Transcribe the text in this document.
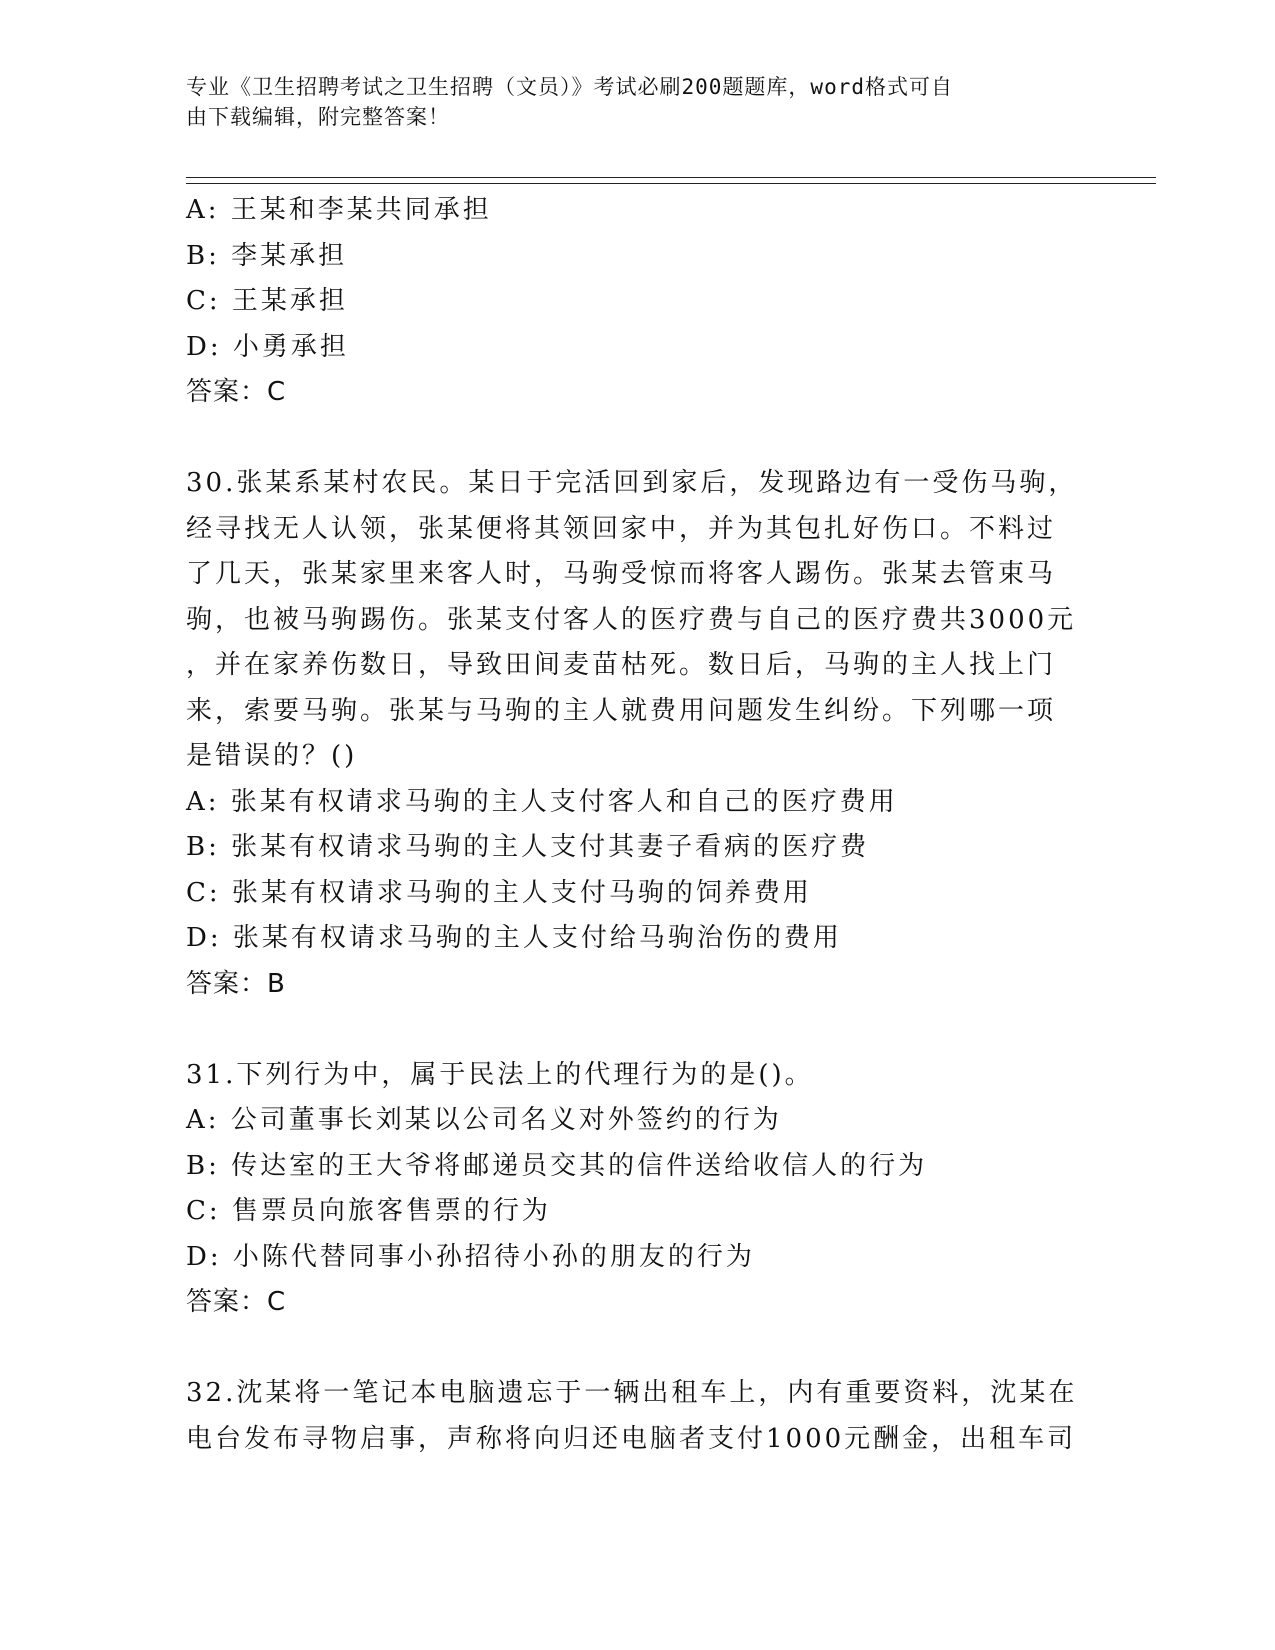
专业《卫生招聘考试之卫生招聘（文员）》考试必刷200题题库，word格式可自
由下载编辑，附完整答案！
A: 王某和李某共同承担
B: 李某承担
C: 王某承担
D: 小勇承担
答案：C
30.张某系某村农民。某日于完活回到家后，发现路边有一受伤马驹，
经寻找无人认领，张某便将其领回家中，并为其包扎好伤口。不料过
了几天，张某家里来客人时，马驹受惊而将客人踢伤。张某去管束马
驹，也被马驹踢伤。张某支付客人的医疗费与自己的医疗费共3000元
，并在家养伤数日，导致田间麦苗枯死。数日后，马驹的主人找上门
来，索要马驹。张某与马驹的主人就费用问题发生纠纷。下列哪一项
是错误的？()
A: 张某有权请求马驹的主人支付客人和自己的医疗费用
B: 张某有权请求马驹的主人支付其妻子看病的医疗费
C: 张某有权请求马驹的主人支付马驹的饲养费用
D: 张某有权请求马驹的主人支付给马驹治伤的费用
答案：B
31.下列行为中，属于民法上的代理行为的是()。
A: 公司董事长刘某以公司名义对外签约的行为
B: 传达室的王大爷将邮递员交其的信件送给收信人的行为
C: 售票员向旅客售票的行为
D: 小陈代替同事小孙招待小孙的朋友的行为
答案：C
32.沈某将一笔记本电脑遗忘于一辆出租车上，内有重要资料，沈某在
电台发布寻物启事，声称将向归还电脑者支付1000元酬金，出租车司
